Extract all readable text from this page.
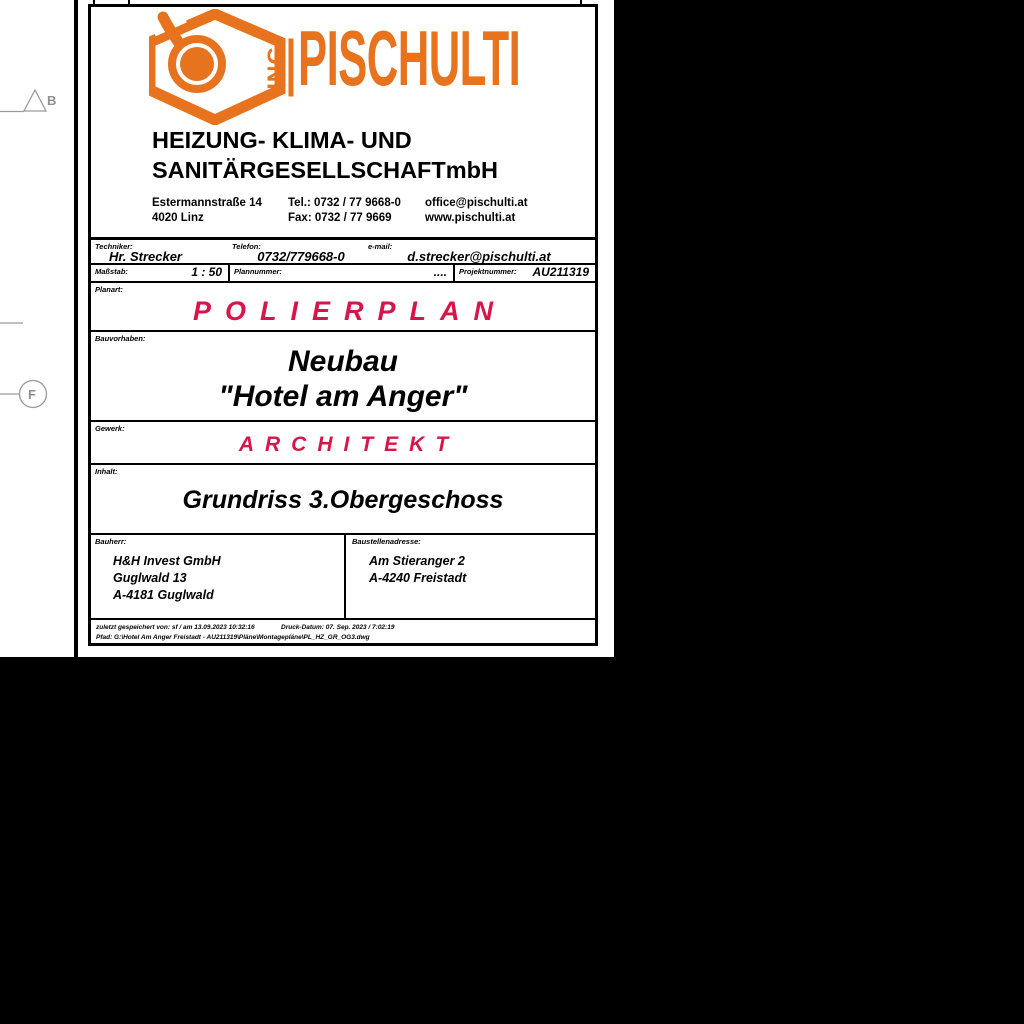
B
F
ING PISCHULTI
HEIZUNG- KLIMA- UND
SANITÄRGESELLSCHAFTmbH
Estermannstraße 14
4020 Linz
Tel.: 0732 / 77 9668-0
Fax: 0732 / 77 9669
office@pischulti.at
www.pischulti.at
Techniker:
Hr. Strecker
Telefon:
0732/779668-0
e-mail:
d.strecker@pischulti.at
Maßstab:	1 : 50 Plannummer:	.... Projektnummer: AU211319
Planart:
POLIERPLAN
Bauvorhaben:
Neubau
"Hotel am Anger"
Gewerk:
ARCHITEKT
Inhalt:
Grundriss 3.Obergeschoss
Bauherr:
H&H Invest GmbH
Guglwald 13
A-4181 Guglwald
Baustellenadresse:
Am Stieranger 2
A-4240 Freistadt
zuletzt gespeichert von: sf / am 13.09.2023 10:32:16	Druck-Datum: 07. Sep. 2023 / 7:02:19
Pfad: G:\Hotel Am Anger Freistadt - AU211319\Pläne\Montagepläne\PL_HZ_GR_OG3.dwg
